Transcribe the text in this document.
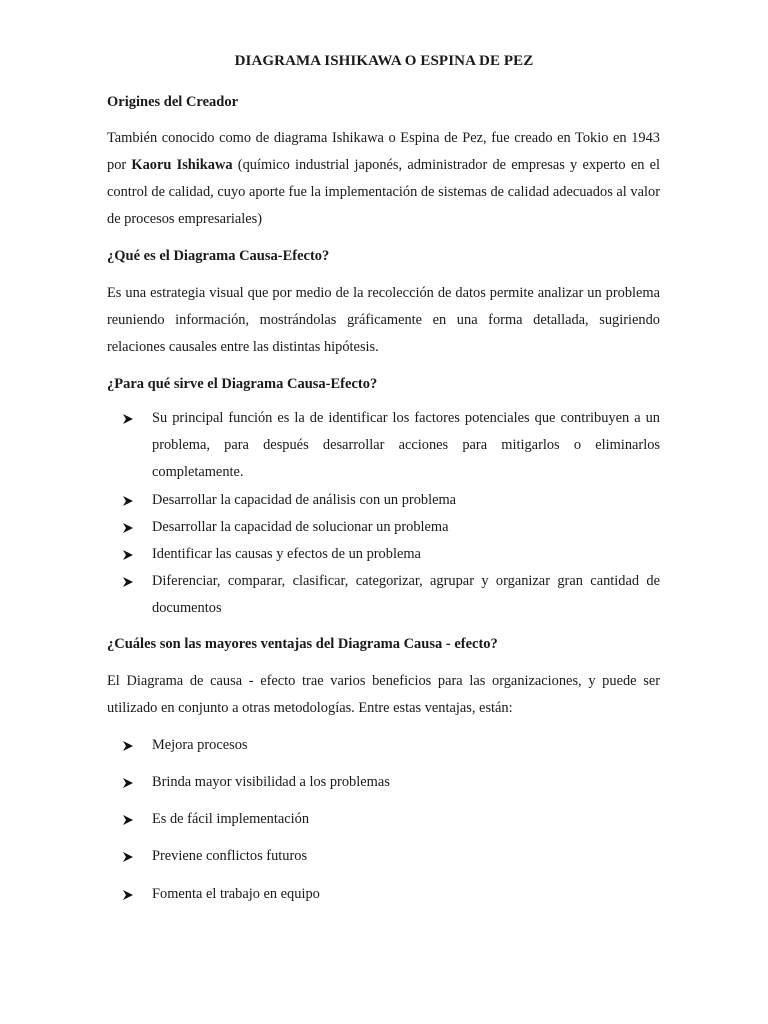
DIAGRAMA ISHIKAWA O ESPINA DE PEZ
Origines del Creador

También conocido como de diagrama Ishikawa o Espina de Pez, fue creado en Tokio en 1943 por Kaoru Ishikawa (químico industrial japonés, administrador de empresas y experto en el control de calidad, cuyo aporte fue la implementación de sistemas de calidad adecuados al valor de procesos empresariales)

¿Qué es el Diagrama Causa-Efecto?

Es una estrategia visual que por medio de la recolección de datos permite analizar un problema reuniendo información, mostrándolas gráficamente en una forma detallada, sugiriendo relaciones causales entre las distintas hipótesis.

¿Para qué sirve el Diagrama Causa-Efecto?
Su principal función es la de identificar los factores potenciales que contribuyen a un problema, para después desarrollar acciones para mitigarlos o eliminarlos completamente.
Desarrollar la capacidad de análisis con un problema
Desarrollar la capacidad de solucionar un problema
Identificar las causas y efectos de un problema
Diferenciar, comparar, clasificar, categorizar, agrupar y organizar gran cantidad de documentos
¿Cuáles son las mayores ventajas del Diagrama Causa - efecto?

El Diagrama de causa - efecto trae varios beneficios para las organizaciones, y puede ser utilizado en conjunto a otras metodologías. Entre estas ventajas, están:

Mejora procesos
Brinda mayor visibilidad a los problemas
Es de fácil implementación
Previene conflictos futuros
Fomenta el trabajo en equipo
